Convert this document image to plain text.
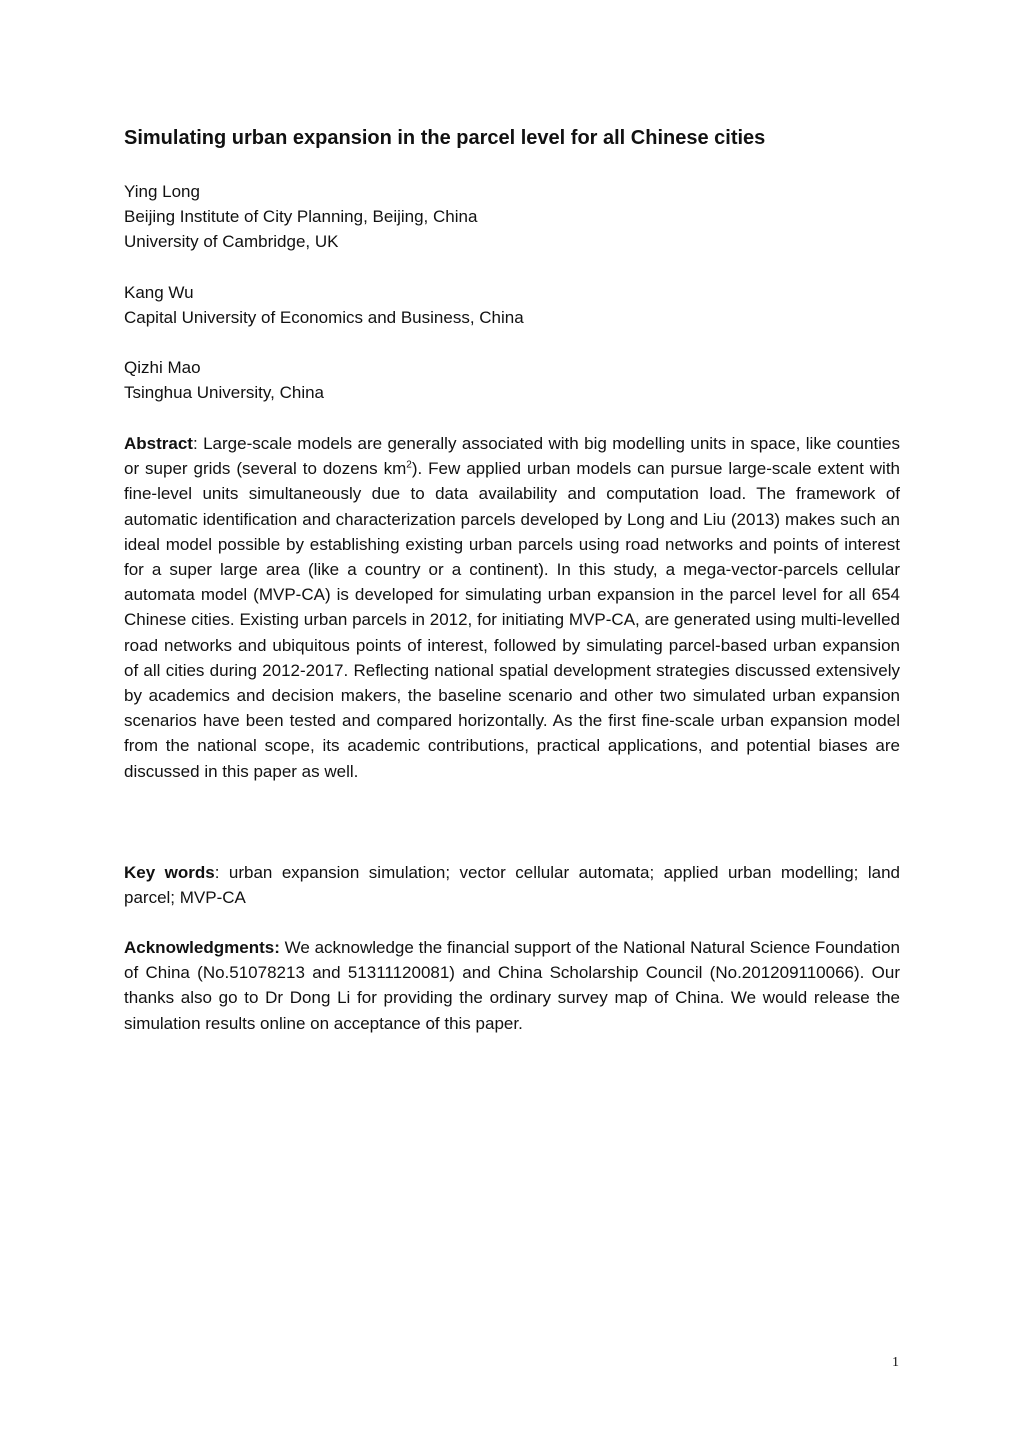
Simulating urban expansion in the parcel level for all Chinese cities
Ying Long
Beijing Institute of City Planning, Beijing, China
University of Cambridge, UK
Kang Wu
Capital University of Economics and Business, China
Qizhi Mao
Tsinghua University, China

Abstract: Large-scale models are generally associated with big modelling units in space, like counties or super grids (several to dozens $km^2$). Few applied urban models can pursue large-scale extent with fine-level units simultaneously due to data availability and computation load. The framework of automatic identification and characterization parcels developed by Long and Liu (2013) makes such an ideal model possible by establishing existing urban parcels using road networks and points of interest for a super large area (like a country or a continent). In this study, a mega-vector-parcels cellular automata model (MVP-CA) is developed for simulating urban expansion in the parcel level for all 654 Chinese cities. Existing urban parcels in 2012, for initiating MVP-CA, are generated using multi-levelled road networks and ubiquitous points of interest, followed by simulating parcel-based urban expansion of all cities during 2012-2017. Reflecting national spatial development strategies discussed extensively by academics and decision makers, the baseline scenario and other two simulated urban expansion scenarios have been tested and compared horizontally. As the first fine-scale urban expansion model from the national scope, its academic contributions, practical applications, and potential biases are discussed in this paper as well.

Key words: urban expansion simulation; vector cellular automata; applied urban modelling; land parcel; MVP-CA

Acknowledgments: We acknowledge the financial support of the National Natural Science Foundation of China (No.51078213 and 51311120081) and China Scholarship Council (No.201209110066). Our thanks also go to Dr Dong Li for providing the ordinary survey map of China. We would release the simulation results online on acceptance of this paper.

1
